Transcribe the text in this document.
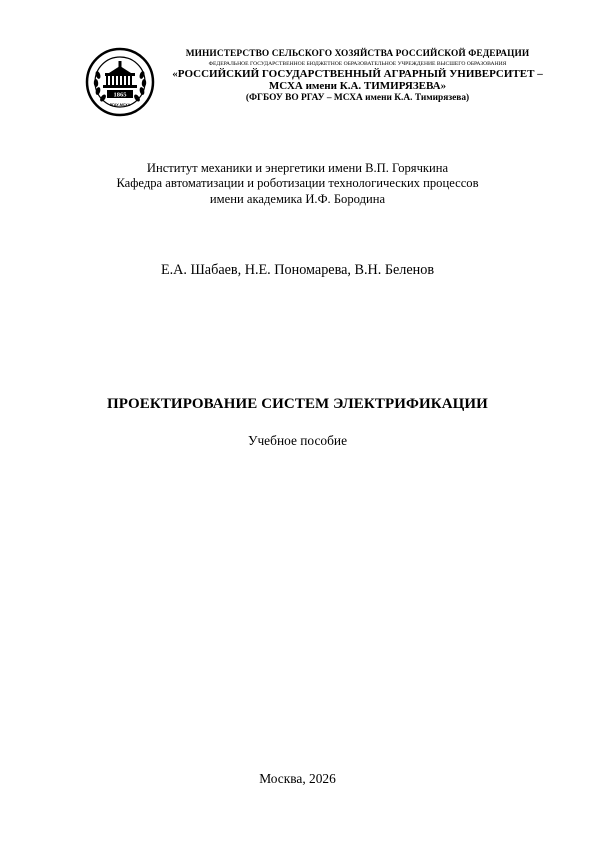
1865
РГАУ-МСХА
МИНИСТЕРСТВО СЕЛЬСКОГО ХОЗЯЙСТВА РОССИЙСКОЙ ФЕДЕРАЦИИ
ФЕДЕРАЛЬНОЕ ГОСУДАРСТВЕННОЕ БЮДЖЕТНОЕ ОБРАЗОВАТЕЛЬНОЕ УЧРЕЖДЕНИЕ ВЫСШЕГО ОБРАЗОВАНИЯ
«РОССИЙСКИЙ ГОСУДАРСТВЕННЫЙ АГРАРНЫЙ УНИВЕРСИТЕТ –
МСХА имени К.А. ТИМИРЯЗЕВА»
(ФГБОУ ВО РГАУ – МСХА имени К.А. Тимирязева)
Институт механики и энергетики имени В.П. Горячкина
Кафедра автоматизации и роботизации технологических процессов
имени академика И.Ф. Бородина
Е.А. Шабаев, Н.Е. Пономарева, В.Н. Беленов
ПРОЕКТИРОВАНИЕ СИСТЕМ ЭЛЕКТРИФИКАЦИИ
Учебное пособие
Москва, 2026
